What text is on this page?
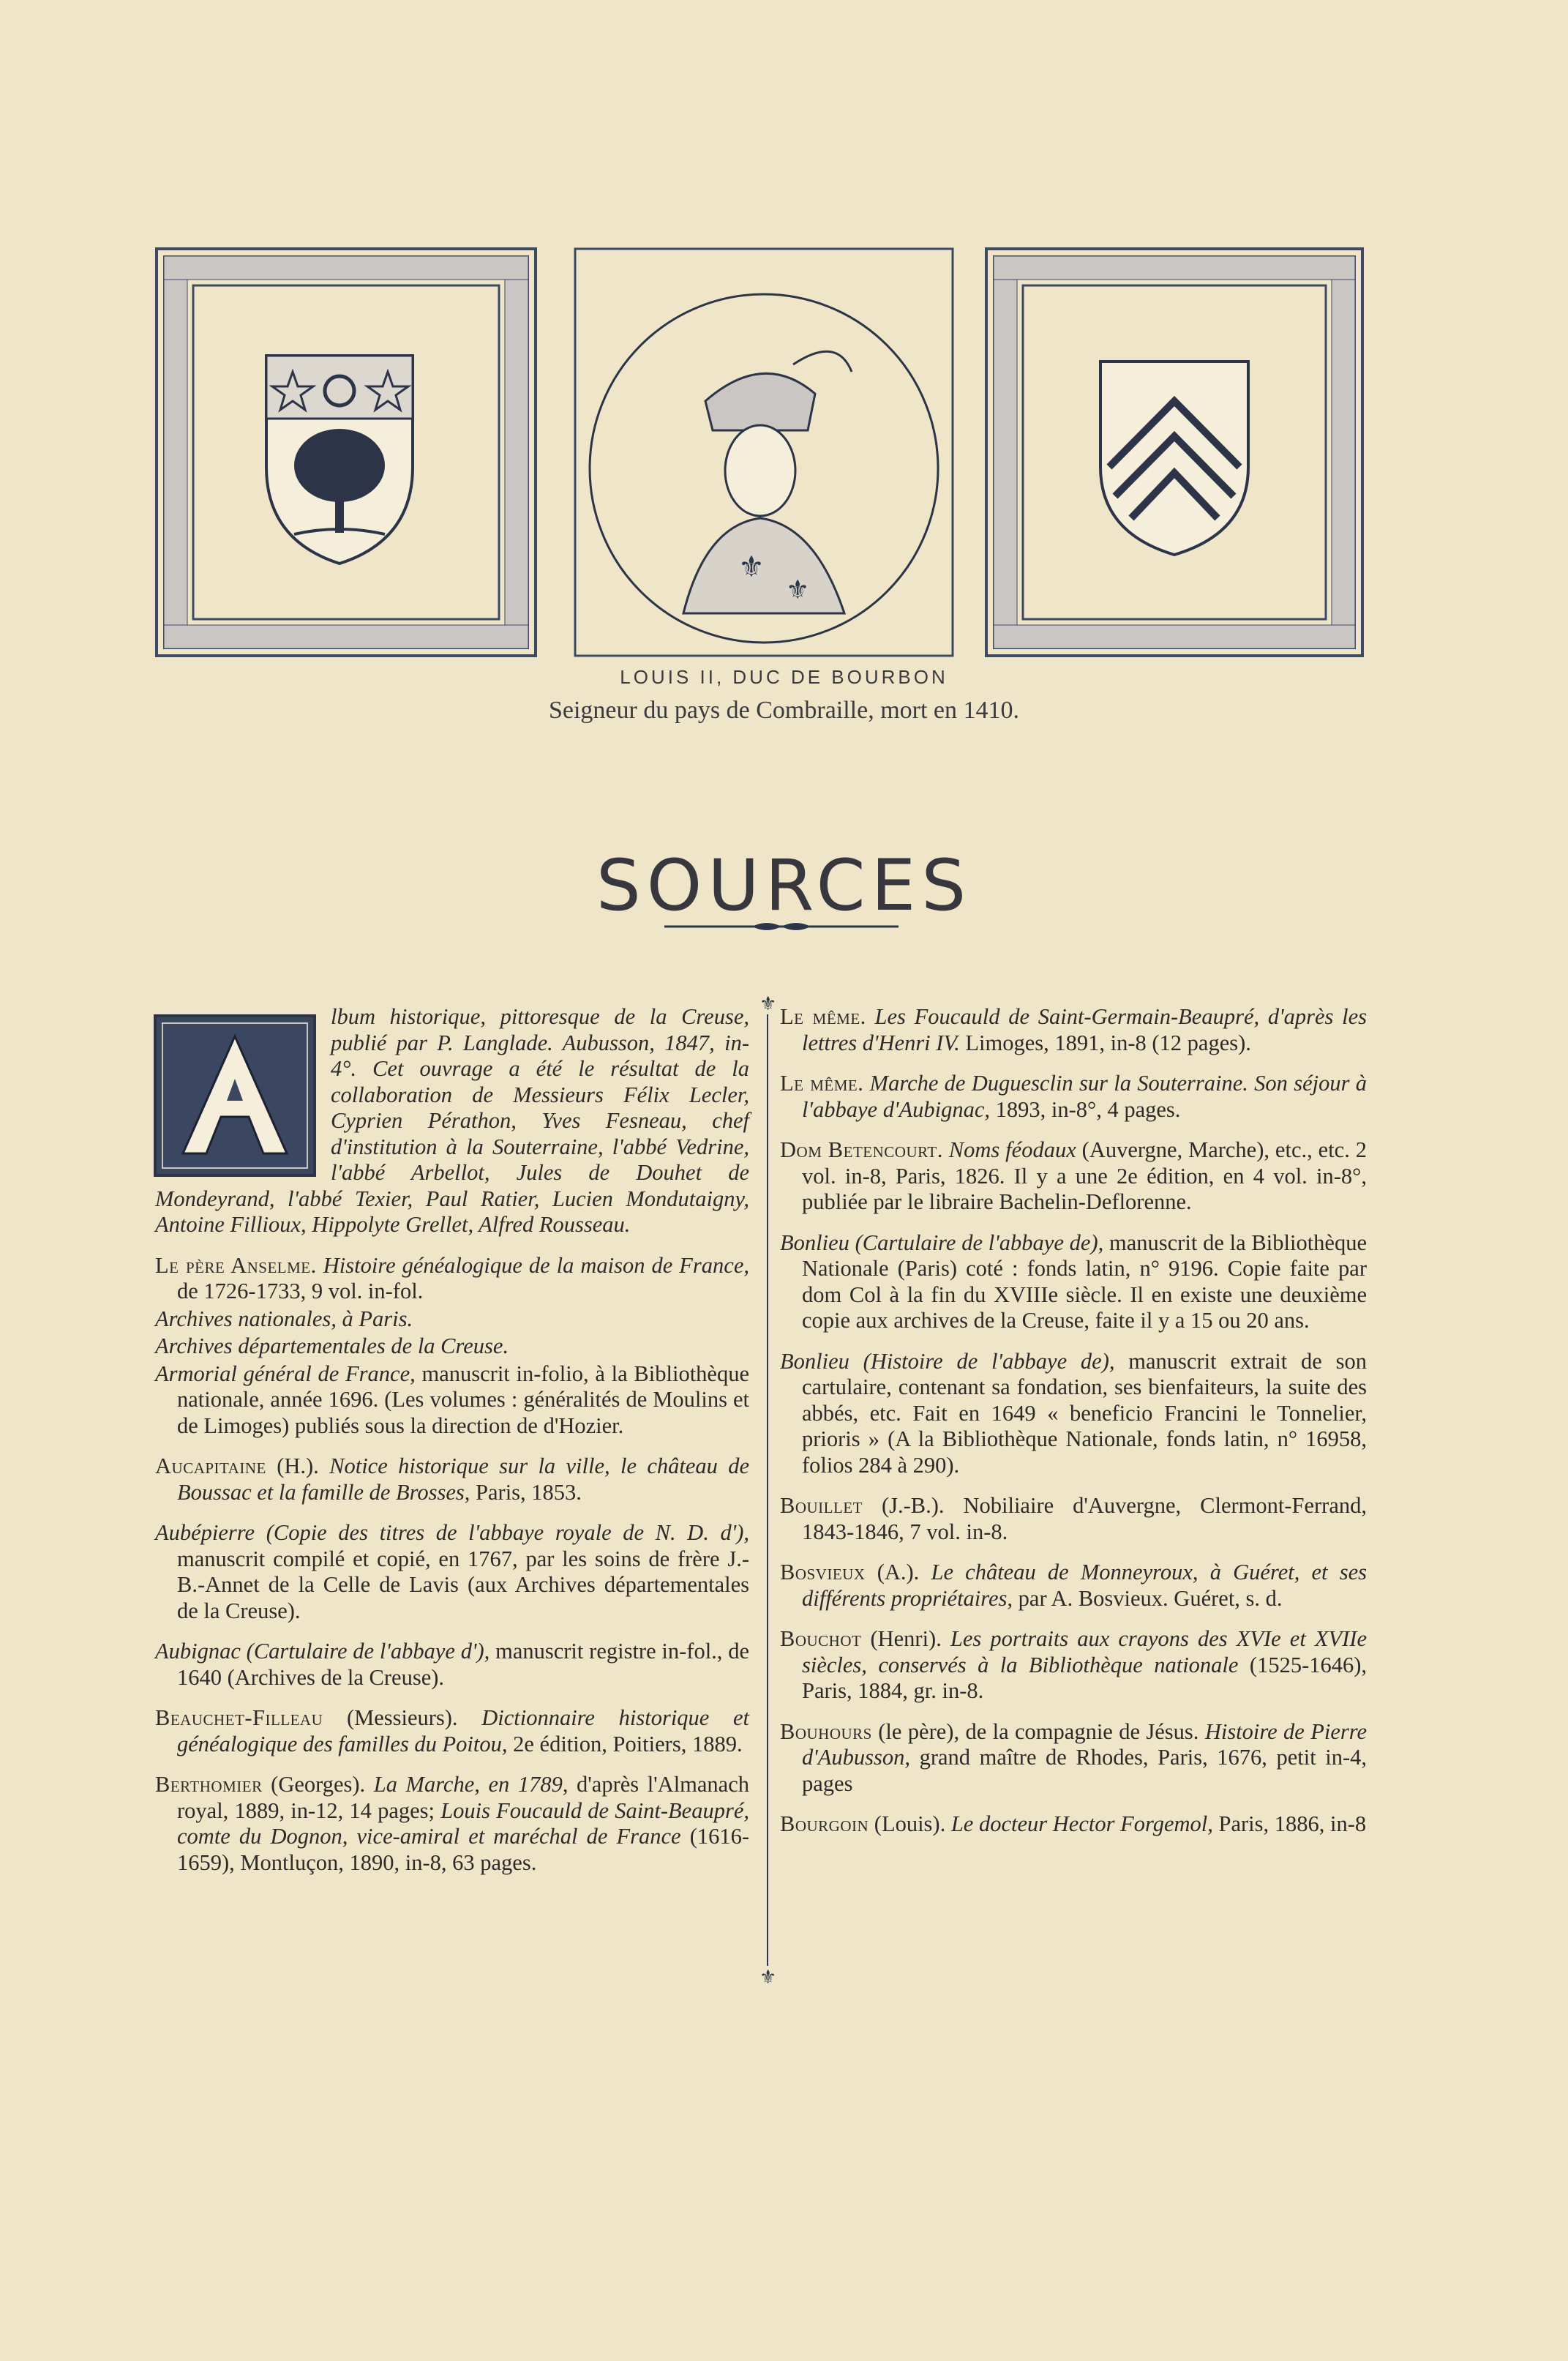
⚜
⚜
LOUIS II, DUC DE BOURBON
Seigneur du pays de Combraille, mort en 1410.
SOURCES

lbum historique, pittoresque de la Creuse, publié par P. Langlade. Aubusson, 1847, in-4°. Cet ouvrage a été le résultat de la collaboration de Messieurs Félix Lecler, Cyprien Pérathon, Yves Fesneau, chef d'institution à la Souterraine, l'abbé Vedrine, l'abbé Arbellot, Jules de Douhet de Mondeyrand, l'abbé Texier, Paul Ratier, Lucien Mondutaigny, Antoine Fillioux, Hippolyte Grellet, Alfred Rousseau.

Le père Anselme. Histoire généalogique de la maison de France, de 1726-1733, 9 vol. in-fol.

Archives nationales, à Paris.

Archives départementales de la Creuse.

Armorial général de France, manuscrit in-folio, à la Bibliothèque nationale, année 1696. (Les volumes : généralités de Moulins et de Limoges) publiés sous la direction de d'Hozier.

Aucapitaine (H.). Notice historique sur la ville, le château de Boussac et la famille de Brosses, Paris, 1853.

Aubépierre (Copie des titres de l'abbaye royale de N. D. d'), manuscrit compilé et copié, en 1767, par les soins de frère J.-B.-Annet de la Celle de Lavis (aux Archives départementales de la Creuse).

Aubignac (Cartulaire de l'abbaye d'), manuscrit registre in-fol., de 1640 (Archives de la Creuse).

Beauchet-Filleau (Messieurs). Dictionnaire historique et généalogique des familles du Poitou, 2e édition, Poitiers, 1889.

Berthomier (Georges). La Marche, en 1789, d'après l'Almanach royal, 1889, in-12, 14 pages; Louis Foucauld de Saint-Beaupré, comte du Dognon, vice-amiral et maréchal de France (1616-1659), Montluçon, 1890, in-8, 63 pages.

⚜
⚜

Le même. Les Foucauld de Saint-Germain-Beaupré, d'après les lettres d'Henri IV. Limoges, 1891, in-8 (12 pages).

Le même. Marche de Duguesclin sur la Souterraine. Son séjour à l'abbaye d'Aubignac, 1893, in-8°, 4 pages.

Dom Betencourt. Noms féodaux (Auvergne, Marche), etc., etc. 2 vol. in-8, Paris, 1826. Il y a une 2e édition, en 4 vol. in-8°, publiée par le libraire Bachelin-Deflorenne.

Bonlieu (Cartulaire de l'abbaye de), manuscrit de la Bibliothèque Nationale (Paris) coté : fonds latin, n° 9196. Copie faite par dom Col à la fin du XVIIIe siècle. Il en existe une deuxième copie aux archives de la Creuse, faite il y a 15 ou 20 ans.

Bonlieu (Histoire de l'abbaye de), manuscrit extrait de son cartulaire, contenant sa fondation, ses bienfaiteurs, la suite des abbés, etc. Fait en 1649 « beneficio Francini le Tonnelier, prioris » (A la Bibliothèque Nationale, fonds latin, n° 16958, folios 284 à 290).

Bouillet (J.-B.). Nobiliaire d'Auvergne, Clermont-Ferrand, 1843-1846, 7 vol. in-8.

Bosvieux (A.). Le château de Monneyroux, à Guéret, et ses différents propriétaires, par A. Bosvieux. Guéret, s. d.

Bouchot (Henri). Les portraits aux crayons des XVIe et XVIIe siècles, conservés à la Bibliothèque nationale (1525-1646), Paris, 1884, gr. in-8.

Bouhours (le père), de la compagnie de Jésus. Histoire de Pierre d'Aubusson, grand maître de Rhodes, Paris, 1676, petit in-4, pages

Bourgoin (Louis). Le docteur Hector Forgemol, Paris, 1886, in-8
